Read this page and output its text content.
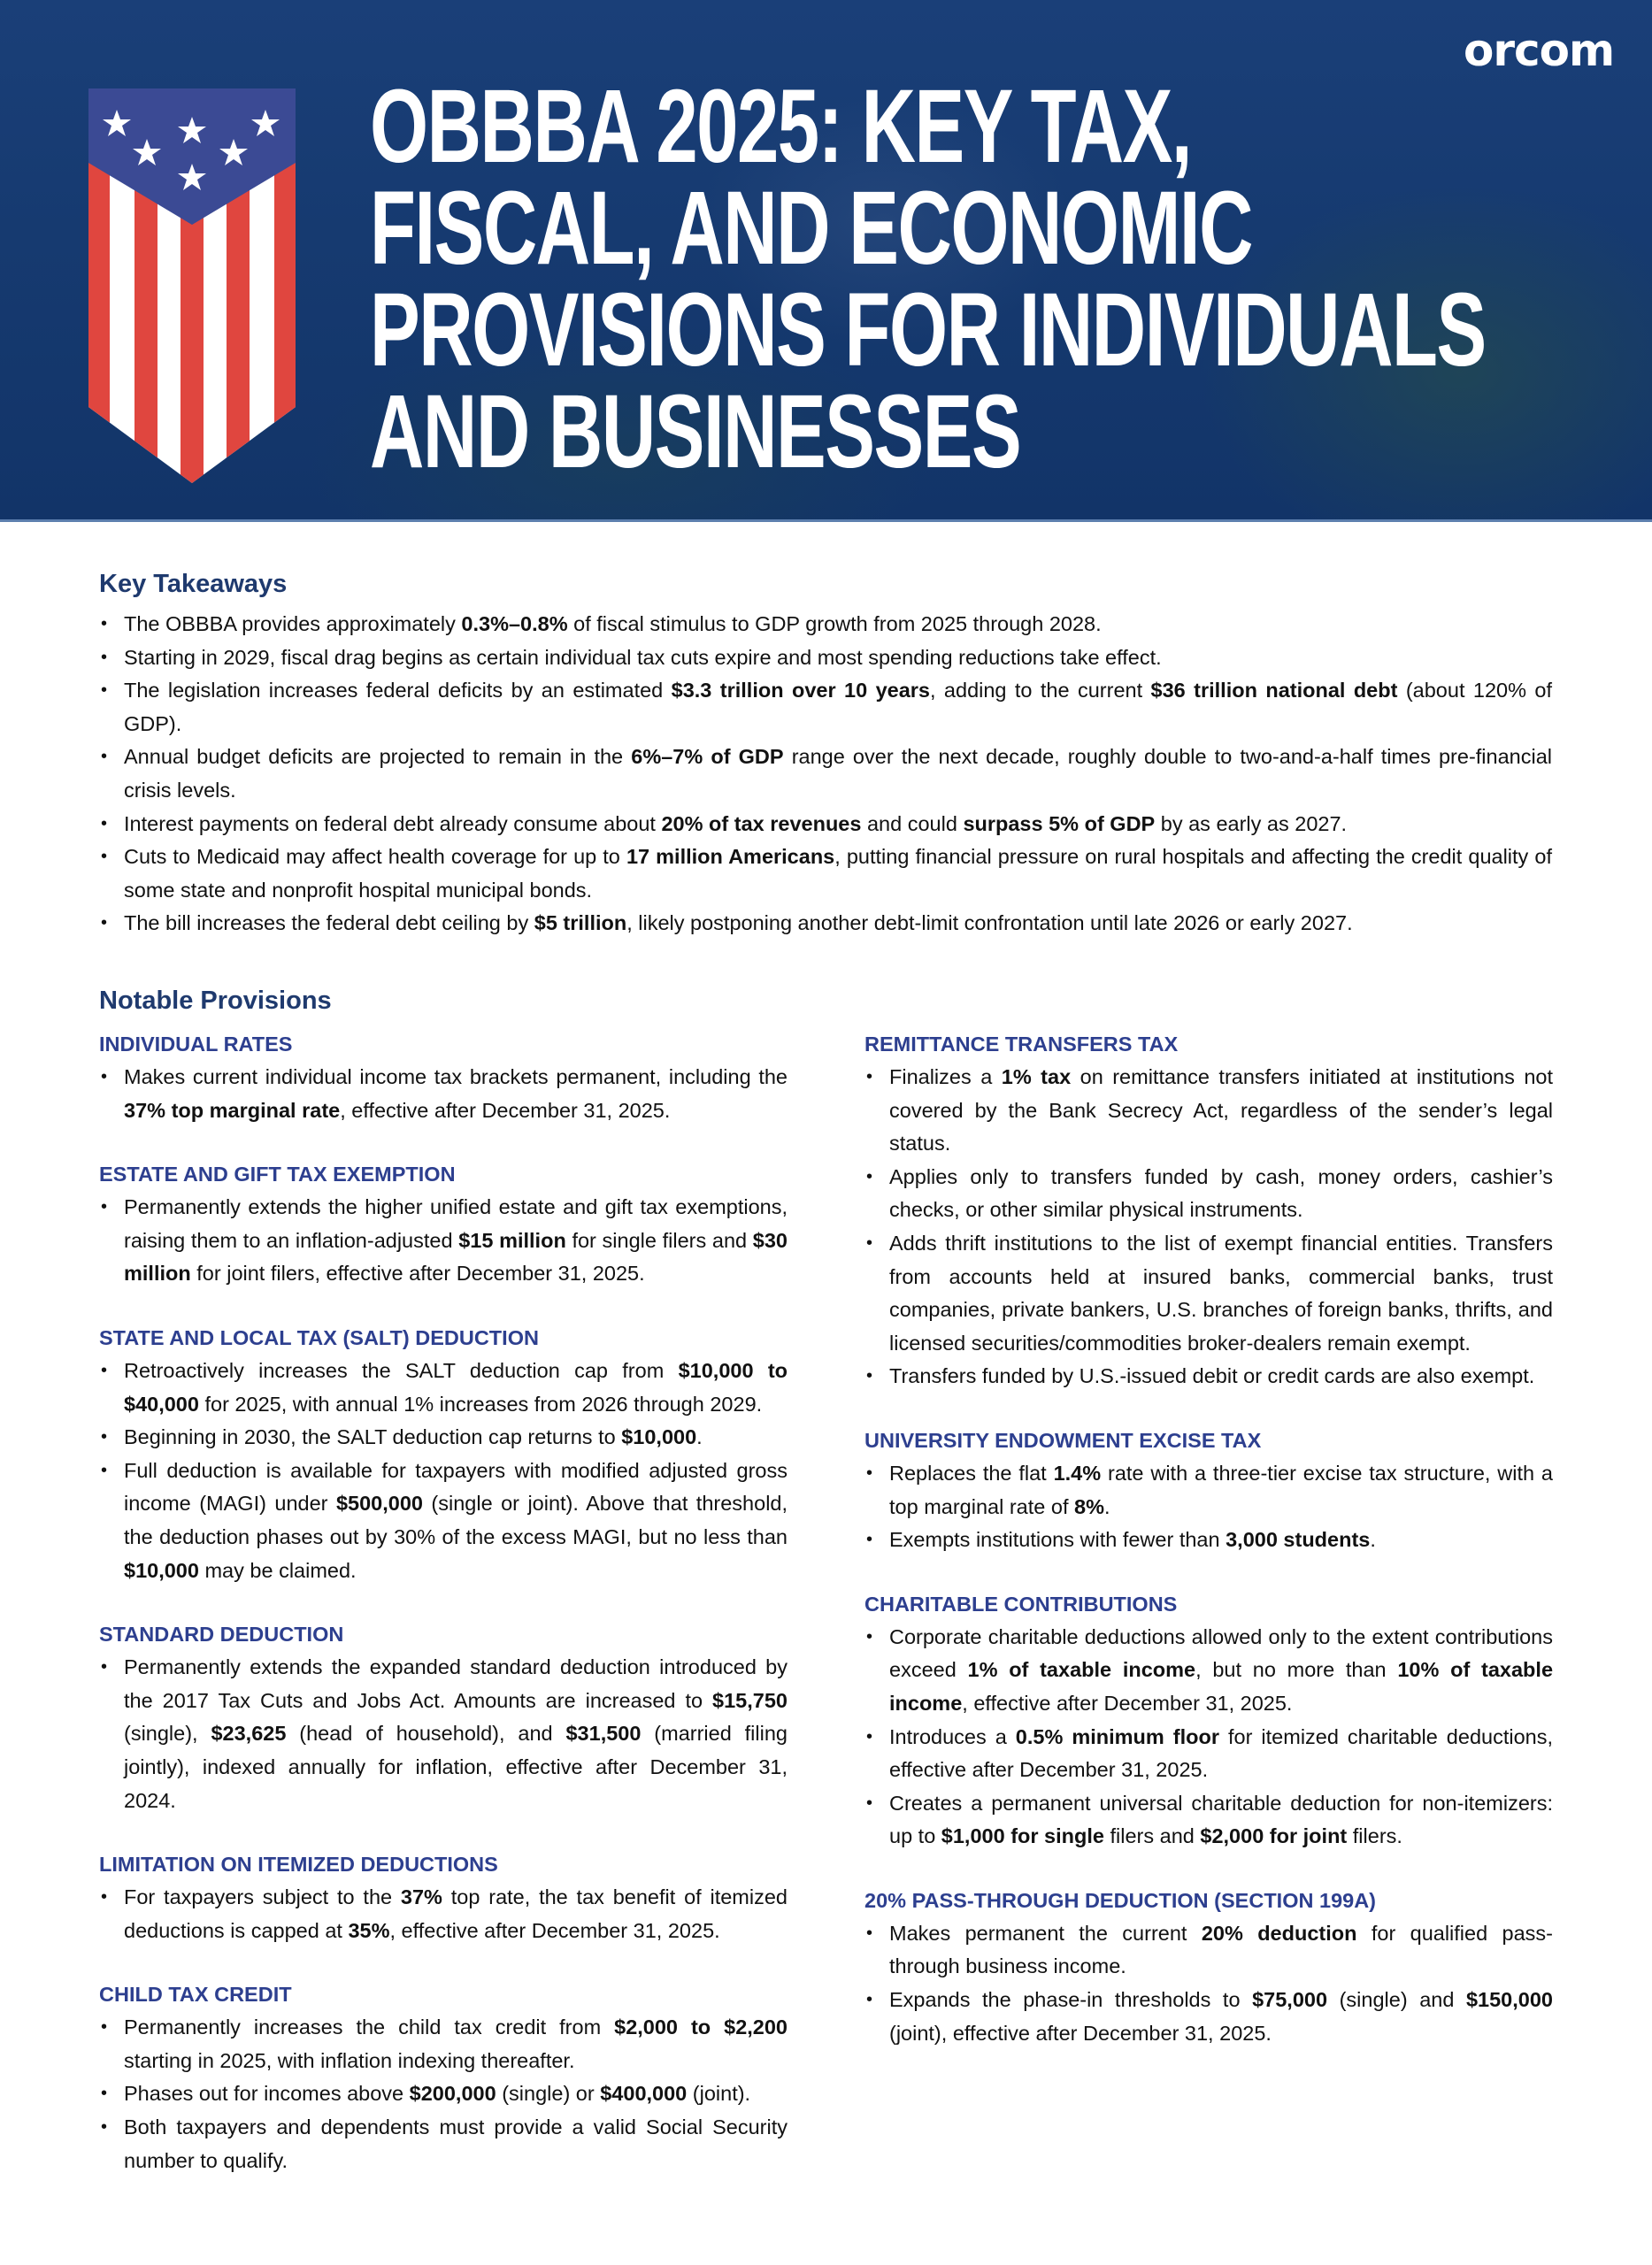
orcom
OBBBA 2025: KEY TAX,
FISCAL, AND ECONOMIC
PROVISIONS FOR INDIVIDUALS
AND BUSINESSES
Key Takeaways
• The OBBBA provides approximately 0.3%–0.8% of fiscal stimulus to GDP growth from 2025 through 2028.
• Starting in 2029, fiscal drag begins as certain individual tax cuts expire and most spending reductions take effect.
• The legislation increases federal deficits by an estimated $3.3 trillion over 10 years, adding to the current $36 trillion national debt (about 120% of GDP).
• Annual budget deficits are projected to remain in the 6%–7% of GDP range over the next decade, roughly double to two-and-a-half times pre-financial crisis levels.
• Interest payments on federal debt already consume about 20% of tax revenues and could surpass 5% of GDP by as early as 2027.
• Cuts to Medicaid may affect health coverage for up to 17 million Americans, putting financial pressure on rural hospitals and affecting the credit quality of some state and nonprofit hospital municipal bonds.
• The bill increases the federal debt ceiling by $5 trillion, likely postponing another debt-limit confrontation until late 2026 or early 2027.
Notable Provisions
INDIVIDUAL RATES
• Makes current individual income tax brackets permanent, including the 37% top marginal rate, effective after December 31, 2025.
ESTATE AND GIFT TAX EXEMPTION
• Permanently extends the higher unified estate and gift tax exemptions, raising them to an inflation-adjusted $15 million for single filers and $30 million for joint filers, effective after December 31, 2025.
STATE AND LOCAL TAX (SALT) DEDUCTION
• Retroactively increases the SALT deduction cap from $10,000 to $40,000 for 2025, with annual 1% increases from 2026 through 2029.
• Beginning in 2030, the SALT deduction cap returns to $10,000.
• Full deduction is available for taxpayers with modified adjusted gross income (MAGI) under $500,000 (single or joint). Above that threshold, the deduction phases out by 30% of the excess MAGI, but no less than $10,000 may be claimed.
STANDARD DEDUCTION
• Permanently extends the expanded standard deduction introduced by the 2017 Tax Cuts and Jobs Act. Amounts are increased to $15,750 (single), $23,625 (head of household), and $31,500 (married filing jointly), indexed annually for inflation, effective after December 31, 2024.
LIMITATION ON ITEMIZED DEDUCTIONS
• For taxpayers subject to the 37% top rate, the tax benefit of itemized deductions is capped at 35%, effective after December 31, 2025.
CHILD TAX CREDIT
• Permanently increases the child tax credit from $2,000 to $2,200 starting in 2025, with inflation indexing thereafter.
• Phases out for incomes above $200,000 (single) or $400,000 (joint).
• Both taxpayers and dependents must provide a valid Social Security number to qualify.
REMITTANCE TRANSFERS TAX
• Finalizes a 1% tax on remittance transfers initiated at institutions not covered by the Bank Secrecy Act, regardless of the sender’s legal status.
• Applies only to transfers funded by cash, money orders, cashier’s checks, or other similar physical instruments.
• Adds thrift institutions to the list of exempt financial entities. Transfers from accounts held at insured banks, commercial banks, trust companies, private bankers, U.S. branches of foreign banks, thrifts, and licensed securities/commodities broker-dealers remain exempt.
• Transfers funded by U.S.-issued debit or credit cards are also exempt.
UNIVERSITY ENDOWMENT EXCISE TAX
• Replaces the flat 1.4% rate with a three-tier excise tax structure, with a top marginal rate of 8%.
• Exempts institutions with fewer than 3,000 students.
CHARITABLE CONTRIBUTIONS
• Corporate charitable deductions allowed only to the extent contributions exceed 1% of taxable income, but no more than 10% of taxable income, effective after December 31, 2025.
• Introduces a 0.5% minimum floor for itemized charitable deductions, effective after December 31, 2025.
• Creates a permanent universal charitable deduction for non-itemizers: up to $1,000 for single filers and $2,000 for joint filers.
20% PASS-THROUGH DEDUCTION (SECTION 199A)
• Makes permanent the current 20% deduction for qualified pass-through business income.
• Expands the phase-in thresholds to $75,000 (single) and $150,000 (joint), effective after December 31, 2025.
